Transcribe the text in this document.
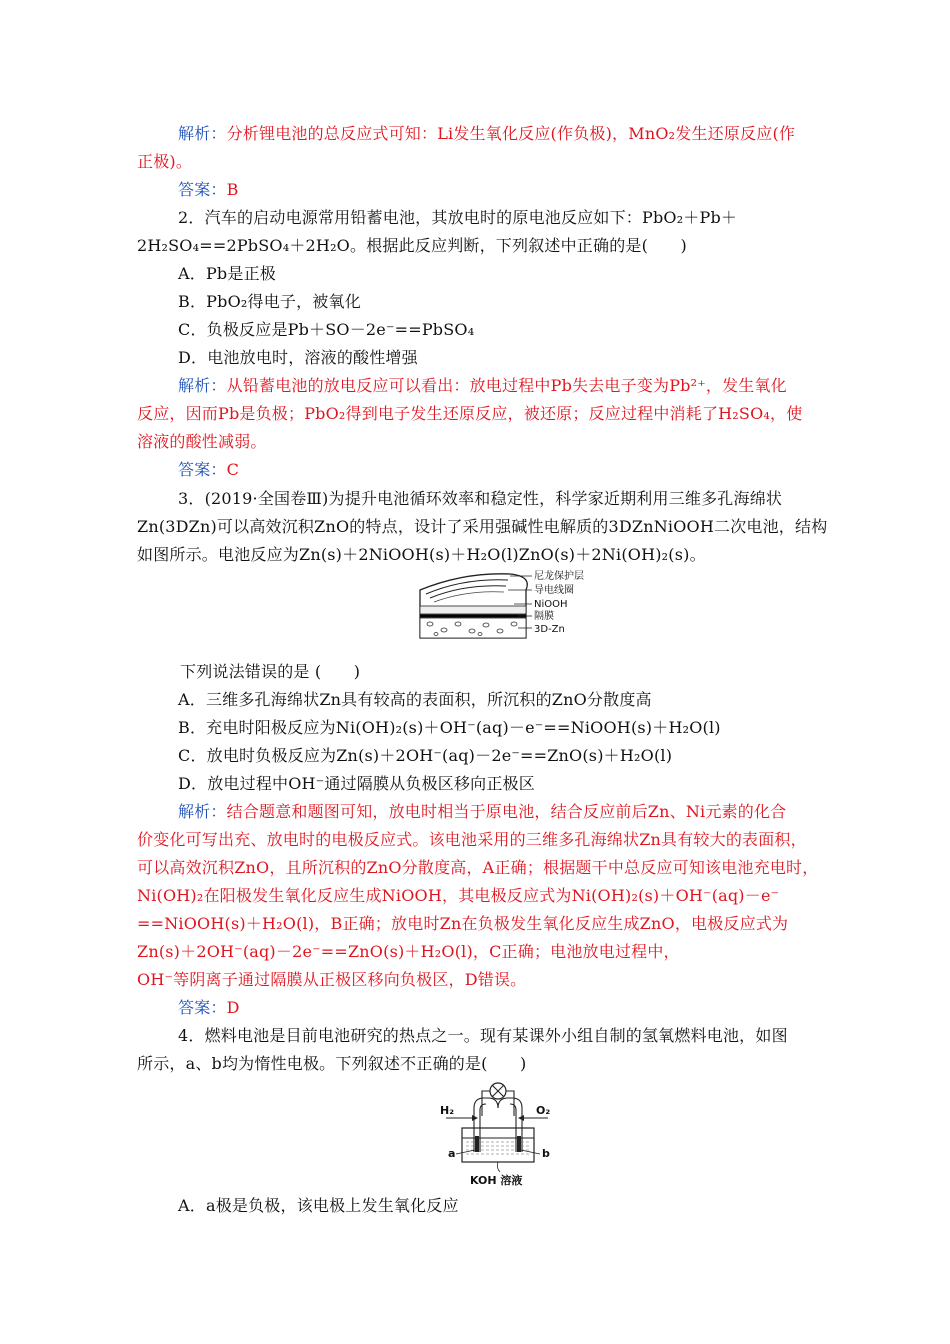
解析：分析锂电池的总反应式可知：Li发生氧化反应(作负极)，MnO₂发生还原反应(作
正极)。
答案：B
2．汽车的启动电源常用铅蓄电池，其放电时的原电池反应如下：PbO₂＋Pb＋
2H₂SO₄==2PbSO₄＋2H₂O。根据此反应判断，下列叙述中正确的是(　　)
A．Pb是正极
B．PbO₂得电子，被氧化
C．负极反应是Pb＋SO－2e⁻==PbSO₄
D．电池放电时，溶液的酸性增强
解析：从铅蓄电池的放电反应可以看出：放电过程中Pb失去电子变为Pb²⁺，发生氧化
反应，因而Pb是负极；PbO₂得到电子发生还原反应，被还原；反应过程中消耗了H₂SO₄，使
溶液的酸性减弱。
答案：C
3．(2019·全国卷Ⅲ)为提升电池循环效率和稳定性，科学家近期利用三维多孔海绵状
Zn(3DZn)可以高效沉积ZnO的特点，设计了采用强碱性电解质的3DZnNiOOH二次电池，结构
如图所示。电池反应为Zn(s)＋2NiOOH(s)＋H₂O(l)ZnO(s)＋2Ni(OH)₂(s)。
尼龙保护层
导电线圈
NiOOH
隔膜
3D-Zn
下列说法错误的是 (　　)
A．三维多孔海绵状Zn具有较高的表面积，所沉积的ZnO分散度高
B．充电时阳极反应为Ni(OH)₂(s)＋OH⁻(aq)－e⁻==NiOOH(s)＋H₂O(l)
C．放电时负极反应为Zn(s)＋2OH⁻(aq)－2e⁻==ZnO(s)＋H₂O(l)
D．放电过程中OH⁻通过隔膜从负极区移向正极区
解析：结合题意和题图可知，放电时相当于原电池，结合反应前后Zn、Ni元素的化合
价变化可写出充、放电时的电极反应式。该电池采用的三维多孔海绵状Zn具有较大的表面积，
可以高效沉积ZnO，且所沉积的ZnO分散度高，A正确；根据题干中总反应可知该电池充电时，
Ni(OH)₂在阳极发生氧化反应生成NiOOH，其电极反应式为Ni(OH)₂(s)＋OH⁻(aq)－e⁻
==NiOOH(s)＋H₂O(l)，B正确；放电时Zn在负极发生氧化反应生成ZnO，电极反应式为
Zn(s)＋2OH⁻(aq)－2e⁻==ZnO(s)＋H₂O(l)，C正确；电池放电过程中，
OH⁻等阴离子通过隔膜从正极区移向负极区，D错误。
答案：D
4．燃料电池是目前电池研究的热点之一。现有某课外小组自制的氢氧燃料电池，如图
所示，a、b均为惰性电极。下列叙述不正确的是(　　)
H₂	O₂
a	b
KOH 溶液
A．a极是负极，该电极上发生氧化反应
